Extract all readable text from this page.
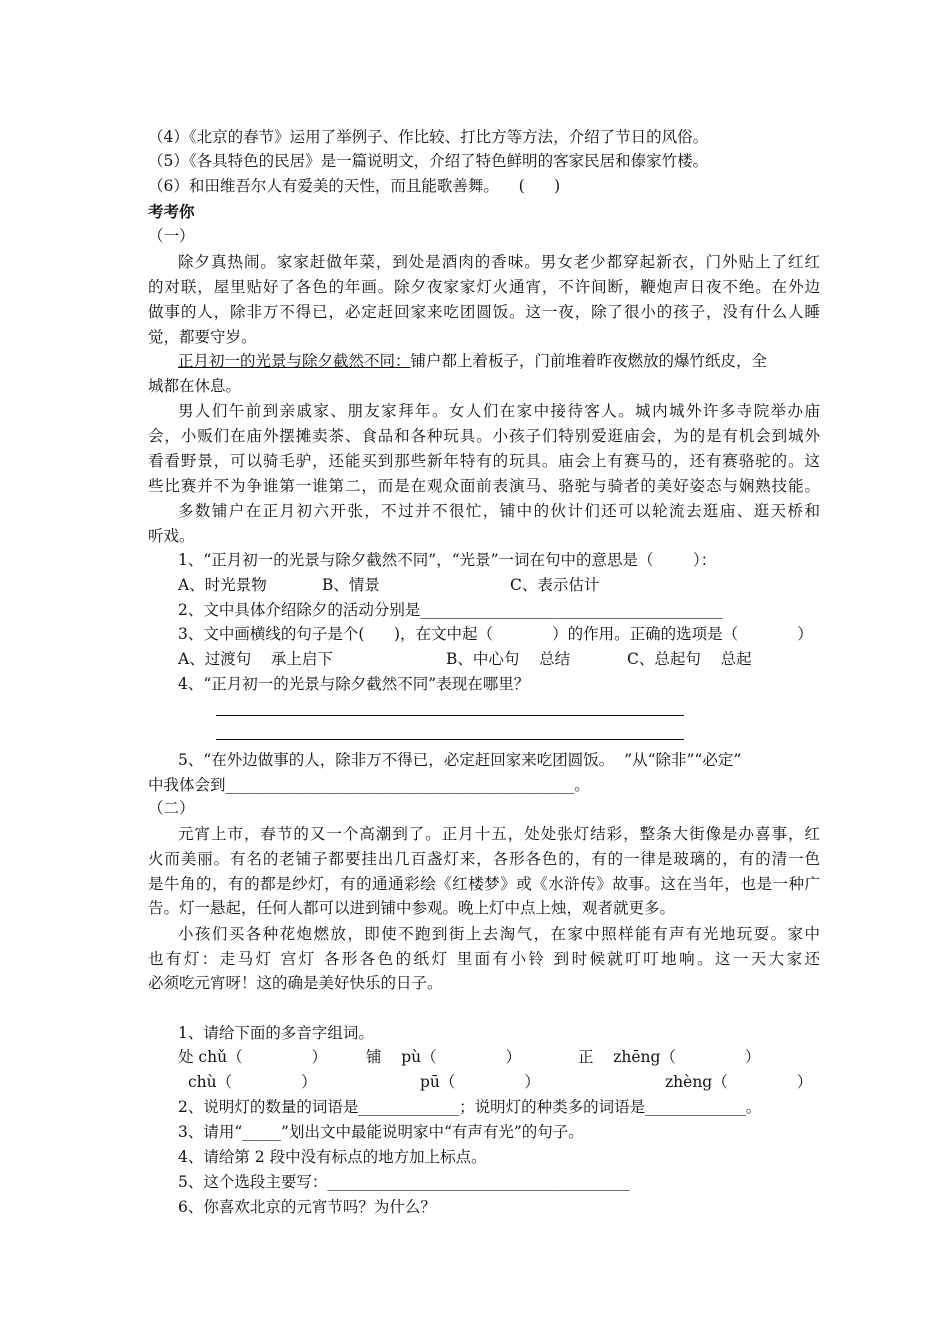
（4）《北京的春节》运用了举例子、作比较、打比方等方法，介绍了节日的风俗。
（5）《各具特色的民居》是一篇说明文，介绍了特色鲜明的客家民居和傣家竹楼。
（6）和田维吾尔人有爱美的天性，而且能歌善舞。    (      )
考考你
（一）
除夕真热闹。家家赶做年菜，到处是酒肉的香味。男女老少都穿起新衣，门外贴上了红红
的对联，屋里贴好了各色的年画。除夕夜家家灯火通宵，不许间断，鞭炮声日夜不绝。在外边
做事的人，除非万不得已，必定赶回家来吃团圆饭。这一夜，除了很小的孩子，没有什么人睡
觉，都要守岁。
正月初一的光景与除夕截然不同：铺户都上着板子，门前堆着昨夜燃放的爆竹纸皮，全
城都在休息。
男人们午前到亲戚家、朋友家拜年。女人们在家中接待客人。城内城外许多寺院举办庙
会，小贩们在庙外摆摊卖茶、食品和各种玩具。小孩子们特别爱逛庙会，为的是有机会到城外
看看野景，可以骑毛驴，还能买到那些新年特有的玩具。庙会上有赛马的，还有赛骆驼的。这
些比赛并不为争谁第一谁第二，而是在观众面前表演马、骆驼与骑者的美好姿态与娴熟技能。
多数铺户在正月初六开张，不过并不很忙，铺中的伙计们还可以轮流去逛庙、逛天桥和
听戏。
1、“正月初一的光景与除夕截然不同”，“光景”一词在句中的意思是（        ）：
A、时光景物	B、情景	C、表示估计
2、文中具体介绍除夕的活动分别是_______________________________________
3、文中画横线的句子是个(      )，在文中起（            ）的作用。正确的选项是（            ）
A、过渡句    承上启下	B、中心句    总结	C、总起句    总起
4、“正月初一的光景与除夕截然不同”表现在哪里？
5、“在外边做事的人，除非万不得已，必定赶回家来吃团圆饭。  ”从“除非”“必定”
中我体会到_____________________________________________。
（二）
元宵上市，春节的又一个高潮到了。正月十五，处处张灯结彩，整条大街像是办喜事，红
火而美丽。有名的老铺子都要挂出几百盏灯来，各形各色的，有的一律是玻璃的，有的清一色
是牛角的，有的都是纱灯，有的通通彩绘《红楼梦》或《水浒传》故事。这在当年，也是一种广
告。灯一悬起，任何人都可以进到铺中参观。晚上灯中点上烛，观者就更多。
小孩们买各种花炮燃放，即使不跑到街上去淘气，在家中照样能有声有光地玩耍。家中
也有灯：走马灯 宫灯 各形各色的纸灯 里面有小铃 到时候就叮叮地响。这一天大家还
必须吃元宵呀！这的确是美好快乐的日子。
1、请给下面的多音字组词。
处 chǔ（              ）	铺    pù（              ）	正    zhēng（              ）
chù（              ）	pū（              ）	zhèng（              ）
2、说明灯的数量的词语是_____________；说明灯的种类多的词语是_____________。
3、请用“_____”划出文中最能说明家中“有声有光”的句子。
4、请给第 2 段中没有标点的地方加上标点。
5、这个选段主要写：_______________________________________
6、你喜欢北京的元宵节吗？为什么？
